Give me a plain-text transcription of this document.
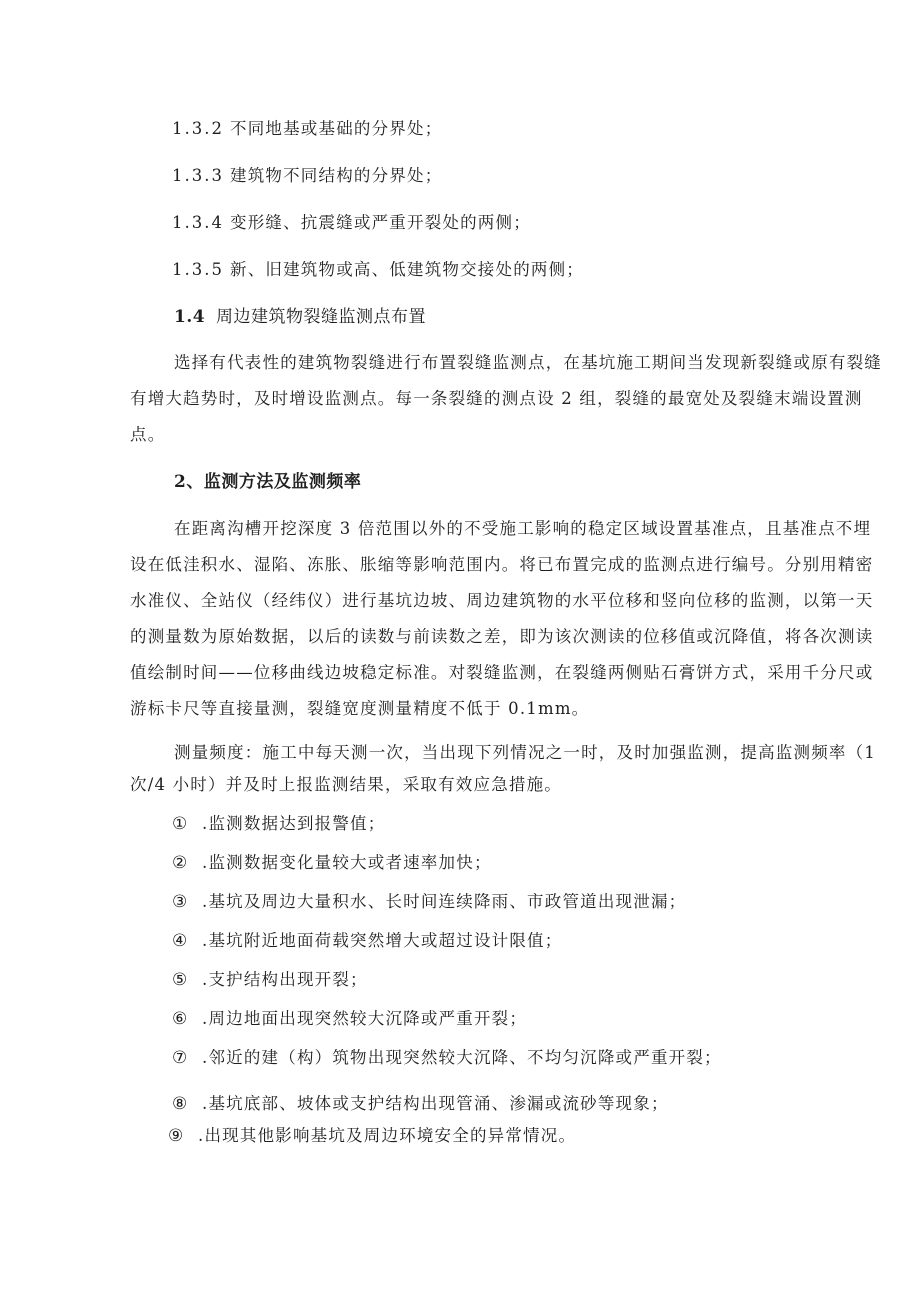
1.3.2 不同地基或基础的分界处；
1.3.3 建筑物不同结构的分界处；
1.3.4 变形缝、抗震缝或严重开裂处的两侧；
1.3.5 新、旧建筑物或高、低建筑物交接处的两侧；
1.4 周边建筑物裂缝监测点布置
选择有代表性的建筑物裂缝进行布置裂缝监测点，在基坑施工期间当发现新裂缝或原有裂缝
有增大趋势时，及时增设监测点。每一条裂缝的测点设 2 组，裂缝的最宽处及裂缝末端设置测
点。
2、监测方法及监测频率
在距离沟槽开挖深度 3 倍范围以外的不受施工影响的稳定区域设置基准点，且基准点不埋
设在低洼积水、湿陷、冻胀、胀缩等影响范围内。将已布置完成的监测点进行编号。分别用精密
水准仪、全站仪（经纬仪）进行基坑边坡、周边建筑物的水平位移和竖向位移的监测，以第一天
的测量数为原始数据，以后的读数与前读数之差，即为该次测读的位移值或沉降值，将各次测读
值绘制时间——位移曲线边坡稳定标准。对裂缝监测，在裂缝两侧贴石膏饼方式，采用千分尺或
游标卡尺等直接量测，裂缝宽度测量精度不低于 0.1mm。
测量频度：施工中每天测一次，当出现下列情况之一时，及时加强监测，提高监测频率（1
次/4 小时）并及时上报监测结果，采取有效应急措施。
① .监测数据达到报警值；
② .监测数据变化量较大或者速率加快；
③ .基坑及周边大量积水、长时间连续降雨、市政管道出现泄漏；
④ .基坑附近地面荷载突然增大或超过设计限值；
⑤ .支护结构出现开裂；
⑥ .周边地面出现突然较大沉降或严重开裂；
⑦ .邻近的建（构）筑物出现突然较大沉降、不均匀沉降或严重开裂；
⑧ .基坑底部、坡体或支护结构出现管涌、渗漏或流砂等现象；
⑨ .出现其他影响基坑及周边环境安全的异常情况。
